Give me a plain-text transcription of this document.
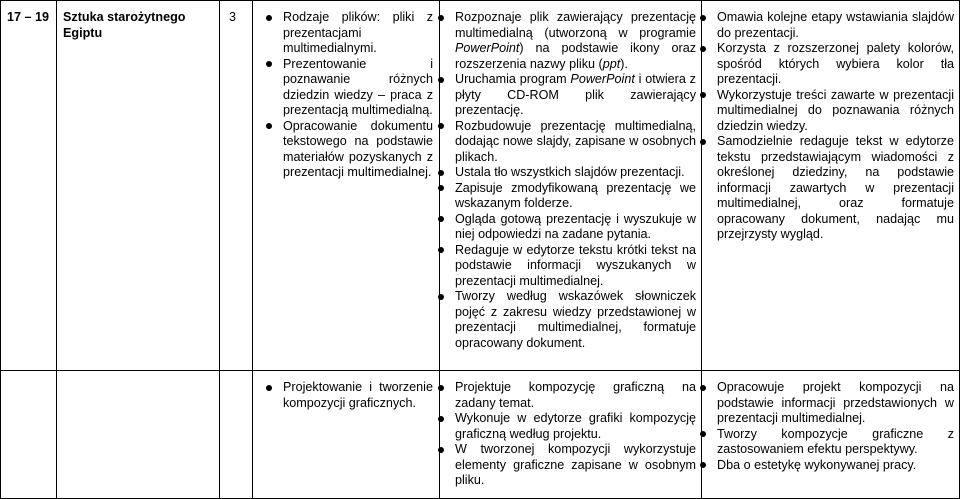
17 – 19	Sztuka starożytnego Egiptu
3	Rodzaje plików: pliki z prezentacjami multimedialnymi.
Prezentowanie i poznawanie różnych dziedzin wiedzy – praca z prezentacją multimedialną.
Opracowanie dokumentu tekstowego na podstawie materiałów pozyskanych z prezentacji multimedialnej.
Rozpoznaje plik zawierający prezentację multimedialną (utworzoną w programie PowerPoint) na podstawie ikony oraz rozszerzenia nazwy pliku (ppt).
Uruchamia program PowerPoint i otwiera z płyty CD-ROM plik zawierający prezentację.
Rozbudowuje prezentację multimedialną, dodając nowe slajdy, zapisane w osobnych plikach.
Ustala tło wszystkich slajdów prezentacji.
Zapisuje zmodyfikowaną prezentację we wskazanym folderze.
Ogląda gotową prezentację i wyszukuje w niej odpowiedzi na zadane pytania.
Redaguje w edytorze tekstu krótki tekst na podstawie informacji wyszukanych w prezentacji multimedialnej.
Tworzy według wskazówek słowniczek pojęć z zakresu wiedzy przedstawionej w prezentacji multimedialnej, formatuje opracowany dokument.
Omawia kolejne etapy wstawiania slajdów do prezentacji.
Korzysta z rozszerzonej palety kolorów, spośród których wybiera kolor tła prezentacji.
Wykorzystuje treści zawarte w prezentacji multimedialnej do poznawania różnych dziedzin wiedzy.
Samodzielnie redaguje tekst w edytorze tekstu przedstawiającym wiadomości z określonej dziedziny, na podstawie informacji zawartych w prezentacji multimedialnej, oraz formatuje opracowany dokument, nadając mu przejrzysty wygląd.
Projektowanie i tworzenie kompozycji graficznych.
Projektuje kompozycję graficzną na zadany temat.
Wykonuje w edytorze grafiki kompozycję graficzną według projektu.
W tworzonej kompozycji wykorzystuje elementy graficzne zapisane w osobnym pliku.
Opracowuje projekt kompozycji na podstawie informacji przedstawionych w prezentacji multimedialnej.
Tworzy kompozycje graficzne z zastosowaniem efektu perspektywy.
Dba o estetykę wykonywanej pracy.
